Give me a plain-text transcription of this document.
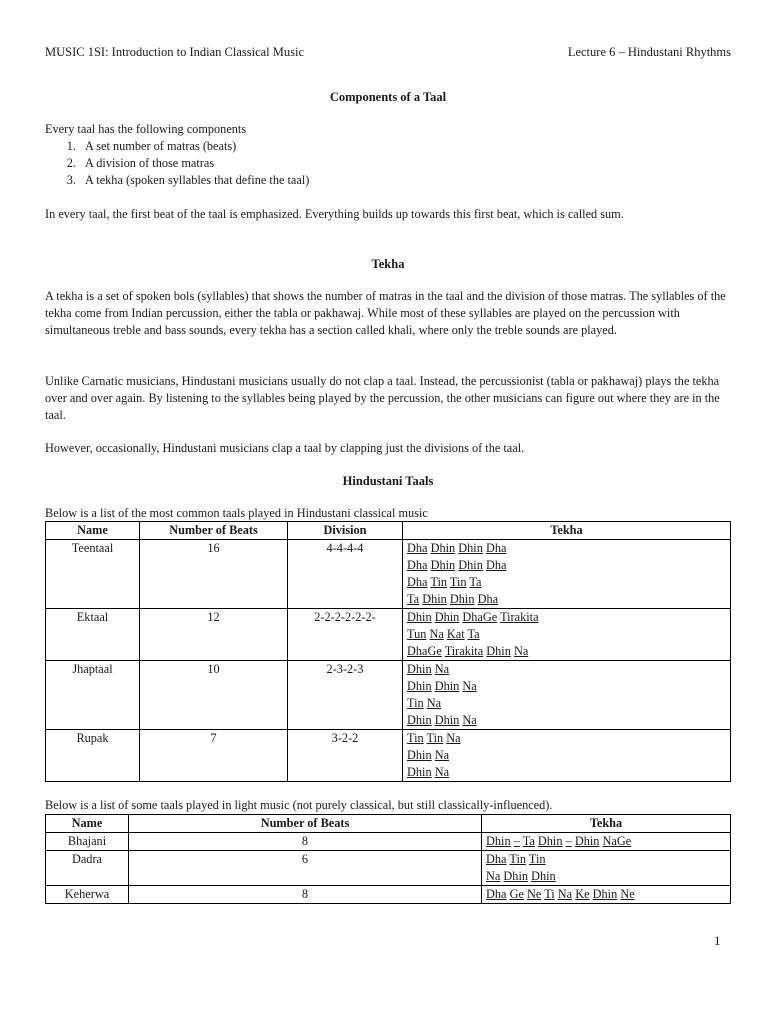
MUSIC 1SI: Introduction to Indian Classical Music	Lecture 6 – Hindustani Rhythms
Components of a Taal

Every taal has the following components

1. A set number of matras (beats)
2. A division of those matras
3. A tekha (spoken syllables that define the taal)

In every taal, the first beat of the taal is emphasized. Everything builds up towards this first beat, which is called sum.

Tekha

A tekha is a set of spoken bols (syllables) that shows the number of matras in the taal and the division of those matras. The syllables of the tekha come from Indian percussion, either the tabla or pakhawaj. While most of these syllables are played on the percussion with simultaneous treble and bass sounds, every tekha has a section called khali, where only the treble sounds are played.

Unlike Carnatic musicians, Hindustani musicians usually do not clap a taal. Instead, the percussionist (tabla or pakhawaj) plays the tekha over and over again. By listening to the syllables being played by the percussion, the other musicians can figure out where they are in the taal.

However, occasionally, Hindustani musicians clap a taal by clapping just the divisions of the taal.

Hindustani Taals

Below is a list of the most common taals played in Hindustani classical music

Name	Number of Beats	Division	Tekha
Teentaal	16	4-4-4-4	Dha Dhin Dhin Dha
Dha Dhin Dhin Dha
Dha Tin Tin Ta
Ta Dhin Dhin Dha

Ektaal	12	2-2-2-2-2-2-	Dhin Dhin DhaGe Tirakita
Tun Na Kat Ta
DhaGe Tirakita Dhin Na

Jhaptaal	10	2-3-2-3	Dhin Na
Dhin Dhin Na
Tin Na
Dhin Dhin Na

Rupak	7	3-2-2	Tin Tin Na
Dhin Na
Dhin Na

Below is a list of some taals played in light music (not purely classical, but still classically-influenced).

Name	Number of Beats	Tekha
Bhajani	8	Dhin – Ta Dhin – Dhin NaGe

Dadra	6	Dha Tin Tin
Na Dhin Dhin

Keherwa	8	Dha Ge Ne Ti Na Ke Dhin Ne
1
